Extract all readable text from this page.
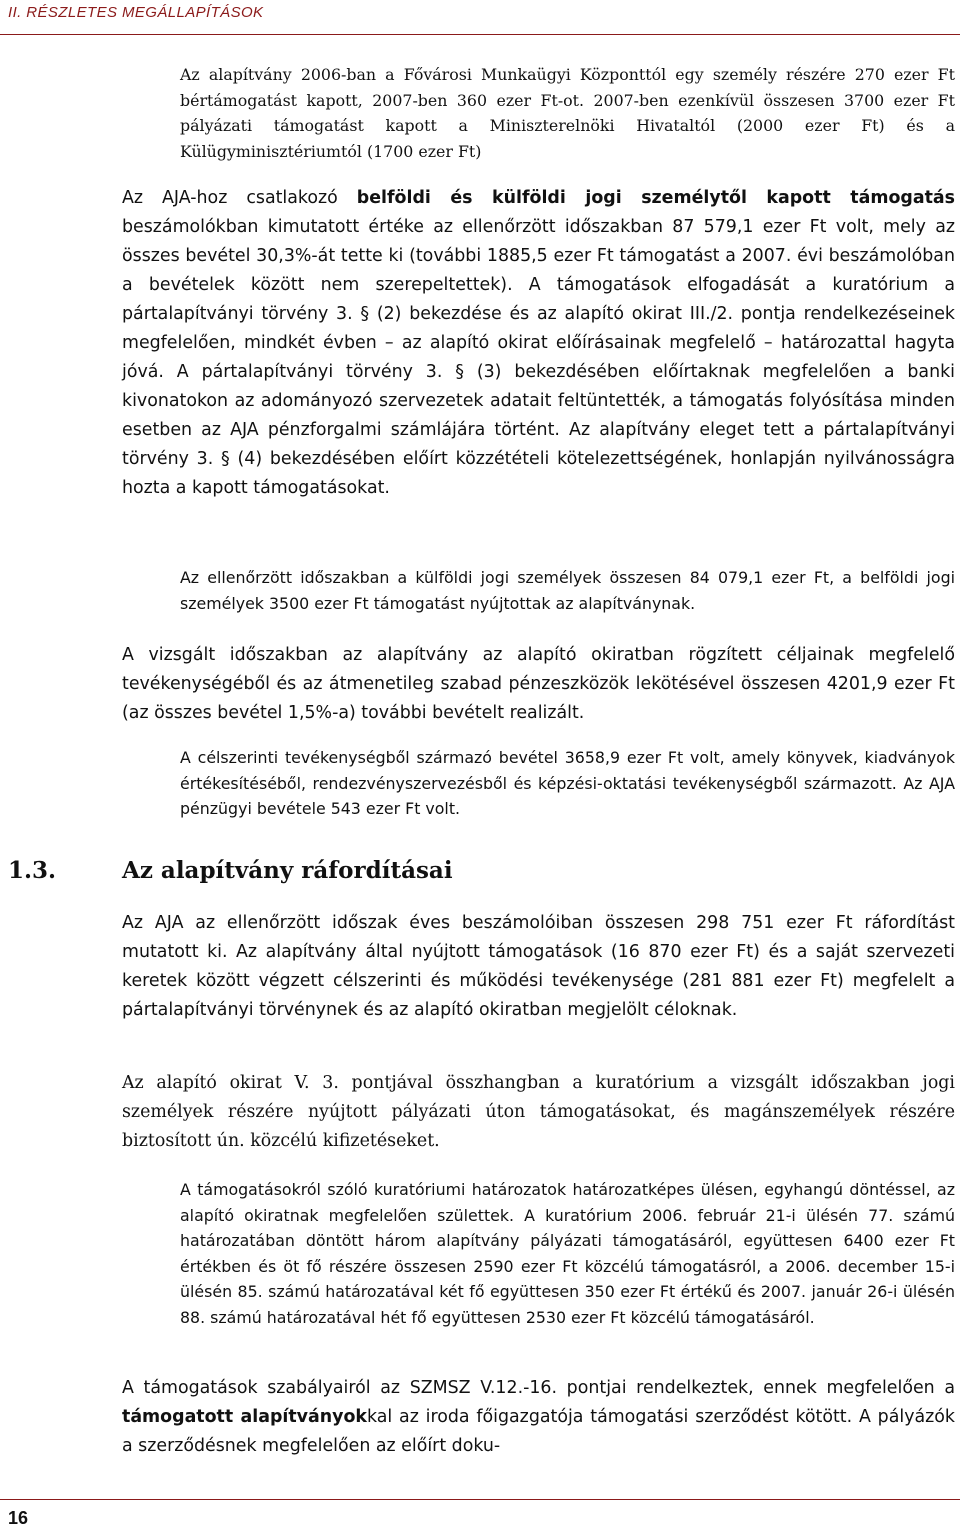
II. RÉSZLETES MEGÁLLAPÍTÁSOK

Az alapítvány 2006-ban a Fővárosi Munkaügyi Központtól egy személy részére 270 ezer Ft bértámogatást kapott, 2007-ben 360 ezer Ft-ot. 2007-ben ezenkívül összesen 3700 ezer Ft pályázati támogatást kapott a Miniszterelnöki Hivataltól (2000 ezer Ft) és a Külügyminisztériumtól (1700 ezer Ft)

Az AJA-hoz csatlakozó belföldi és külföldi jogi személytől kapott támogatás beszámolókban kimutatott értéke az ellenőrzött időszakban 87 579,1 ezer Ft volt, mely az összes bevétel 30,3%-át tette ki (további 1885,5 ezer Ft támogatást a 2007. évi beszámolóban a bevételek között nem szerepeltettek). A támogatások elfogadását a kuratórium a pártalapítványi törvény 3. § (2) bekezdése és az alapító okirat III./2. pontja rendelkezéseinek megfelelően, mindkét évben – az alapító okirat előírásainak megfelelő – határozattal hagyta jóvá. A pártalapítványi törvény 3. § (3) bekezdésében előírtaknak megfelelően a banki kivonatokon az adományozó szervezetek adatait feltüntették, a támogatás folyósítása minden esetben az AJA pénzforgalmi számlájára történt. Az alapítvány eleget tett a pártalapítványi törvény 3. § (4) bekezdésében előírt közzétételi kötelezettségének, honlapján nyilvánosságra hozta a kapott támogatásokat.

Az ellenőrzött időszakban a külföldi jogi személyek összesen 84 079,1 ezer Ft, a belföldi jogi személyek 3500 ezer Ft támogatást nyújtottak az alapítványnak.

A vizsgált időszakban az alapítvány az alapító okiratban rögzített céljainak megfelelő tevékenységéből és az átmenetileg szabad pénzeszközök lekötésével összesen 4201,9 ezer Ft (az összes bevétel 1,5%-a) további bevételt realizált.

A célszerinti tevékenységből származó bevétel 3658,9 ezer Ft volt, amely könyvek, kiadványok értékesítéséből, rendezvényszervezésből és képzési-oktatási tevékenységből származott. Az AJA pénzügyi bevétele 543 ezer Ft volt.

1.3.	Az alapítvány ráfordításai

Az AJA az ellenőrzött időszak éves beszámolóiban összesen 298 751 ezer Ft ráfordítást mutatott ki. Az alapítvány által nyújtott támogatások (16 870 ezer Ft) és a saját szervezeti keretek között végzett célszerinti és működési tevékenysége (281 881 ezer Ft) megfelelt a pártalapítványi törvénynek és az alapító okiratban megjelölt céloknak.

Az alapító okirat V. 3. pontjával összhangban a kuratórium a vizsgált időszakban jogi személyek részére nyújtott pályázati úton támogatásokat, és magánszemélyek részére biztosított ún. közcélú kifizetéseket.

A támogatásokról szóló kuratóriumi határozatok határozatképes ülésen, egyhangú döntéssel, az alapító okiratnak megfelelően születtek. A kuratórium 2006. február 21-i ülésén 77. számú határozatában döntött három alapítvány pályázati támogatásáról, együttesen 6400 ezer Ft értékben és öt fő részére összesen 2590 ezer Ft közcélú támogatásról, a 2006. december 15-i ülésén 85. számú határozatával két fő együttesen 350 ezer Ft értékű és 2007. január 26-i ülésén 88. számú határozatával hét fő együttesen 2530 ezer Ft közcélú támogatásáról.

A támogatások szabályairól az SZMSZ V.12.-16. pontjai rendelkeztek, ennek megfelelően a támogatott alapítványokkal az iroda főigazgatója támogatási szerződést kötött. A pályázók a szerződésnek megfelelően az előírt doku-

16
